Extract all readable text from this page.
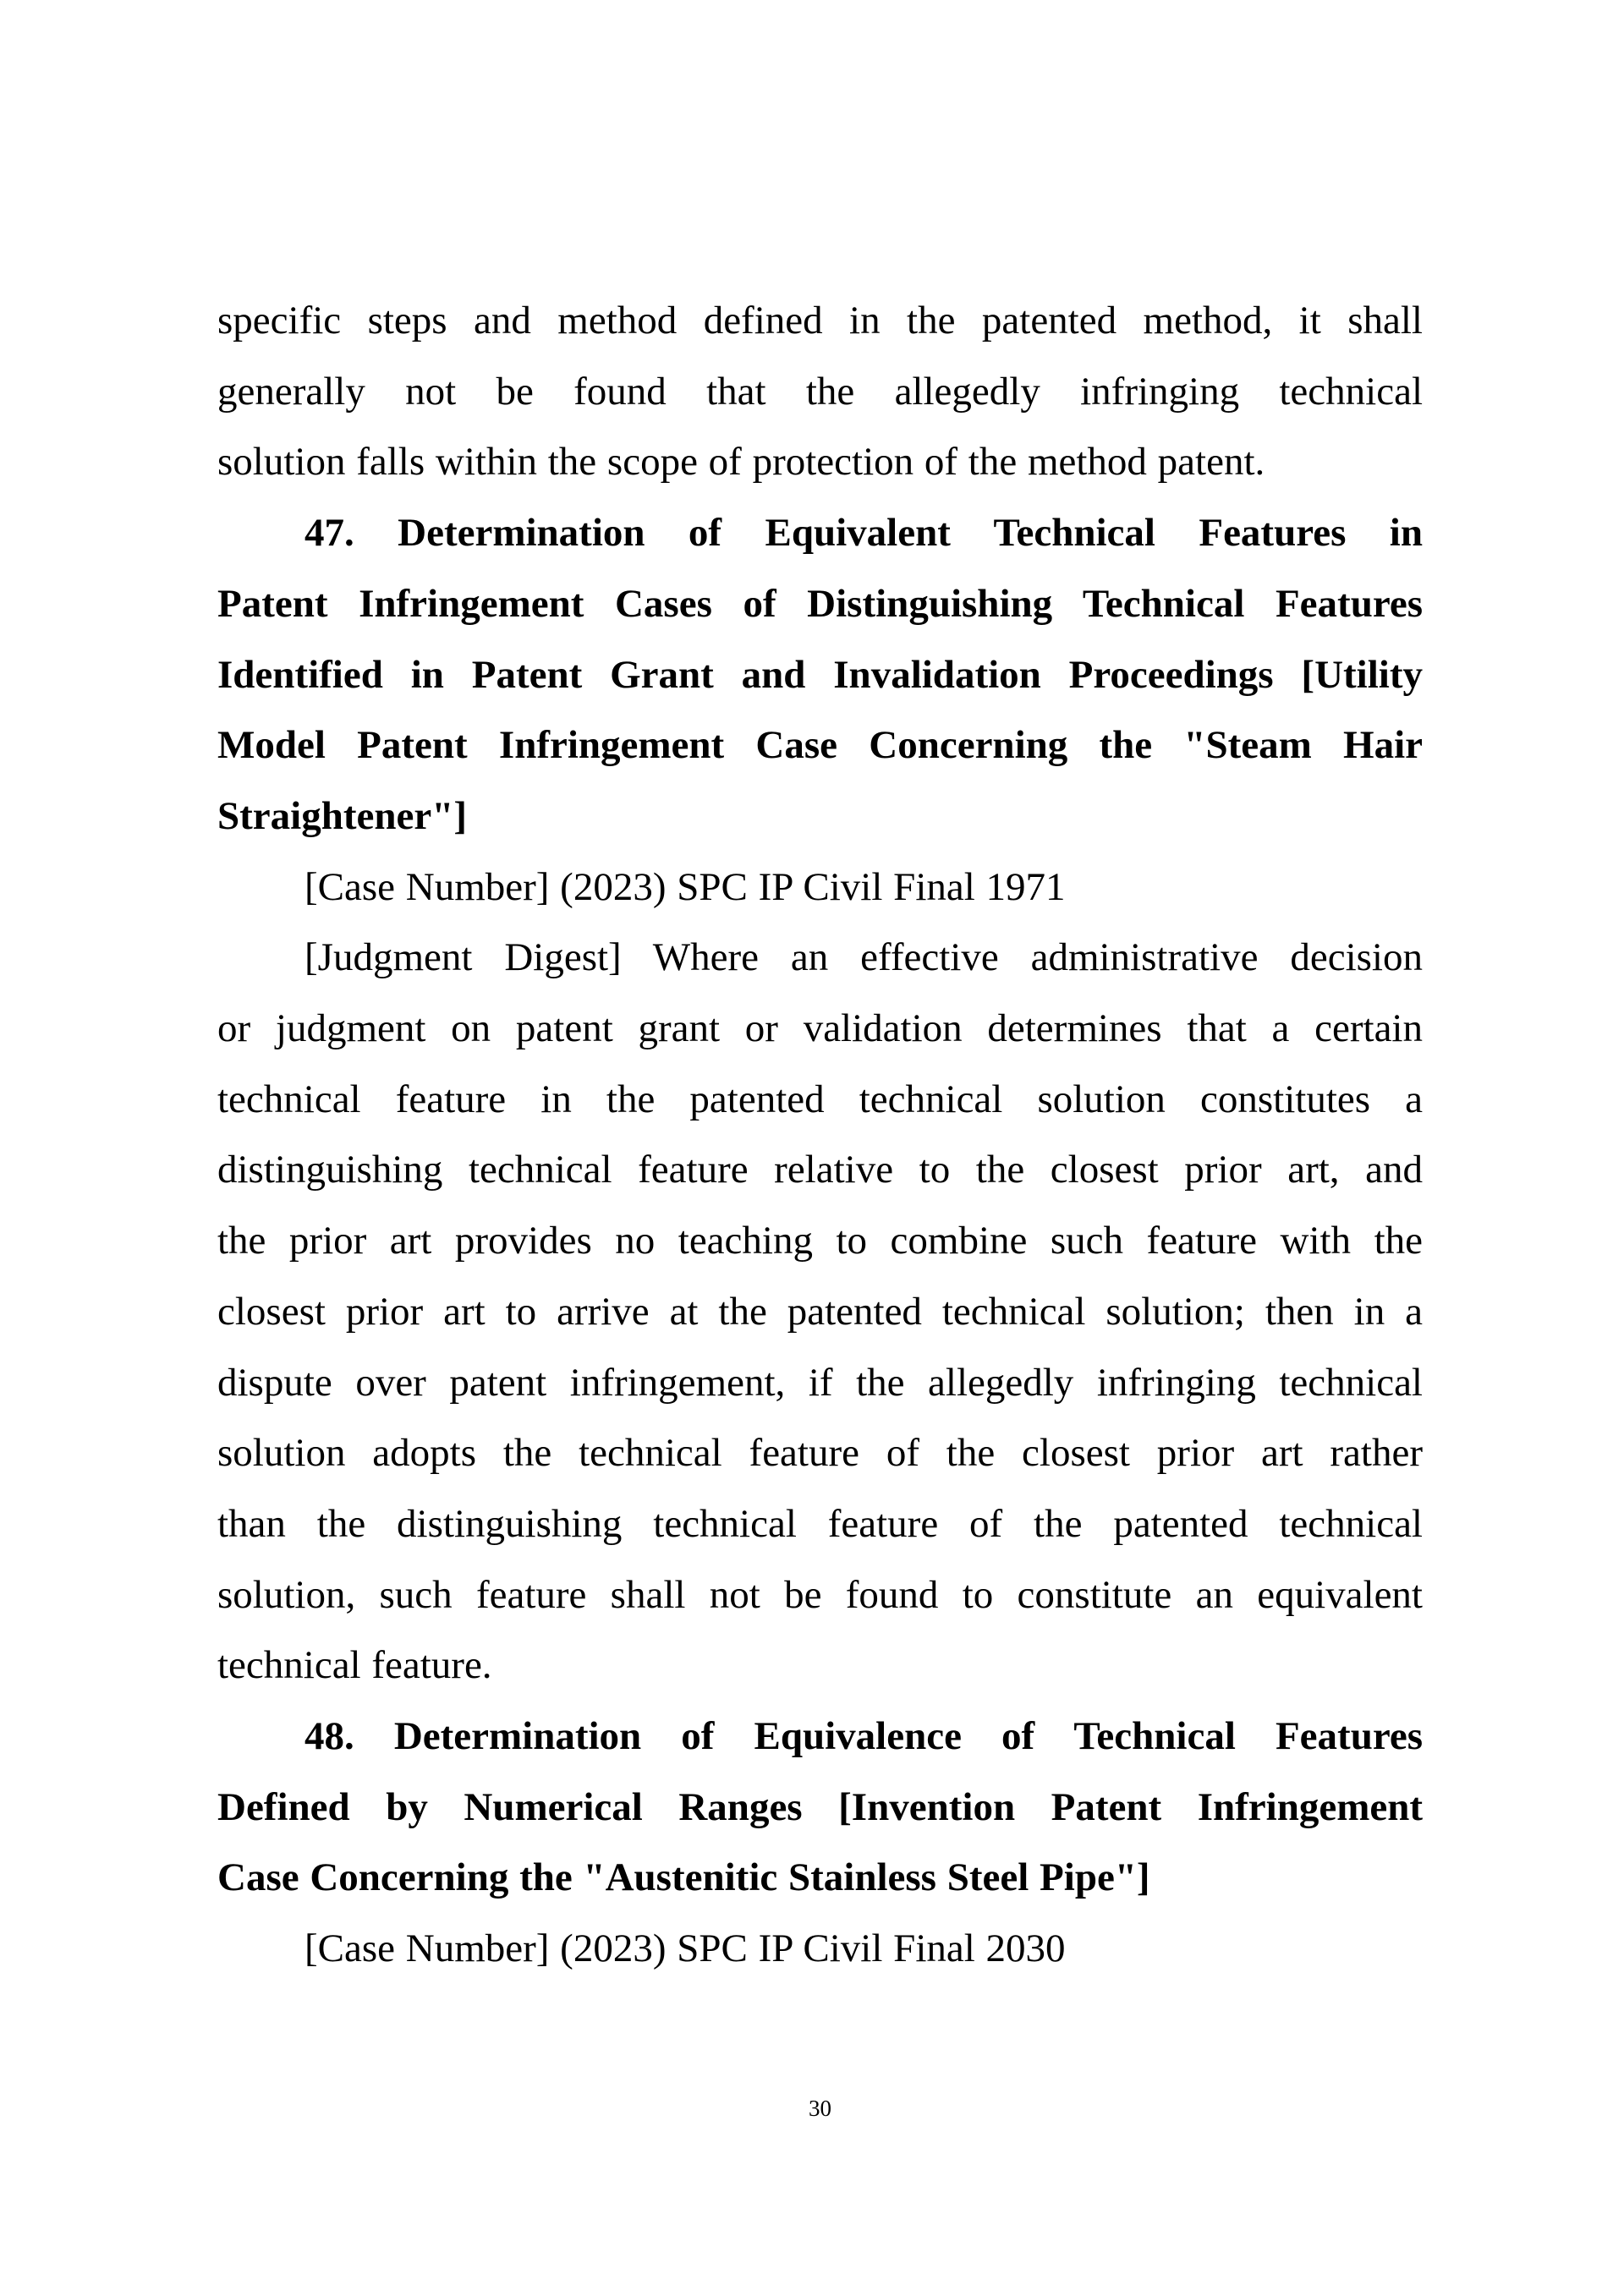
specific steps and method defined in the patented method, it shall
generally not be found that the allegedly infringing technical
solution falls within the scope of protection of the method patent.
47. Determination of Equivalent Technical Features in
Patent Infringement Cases of Distinguishing Technical Features
Identified in Patent Grant and Invalidation Proceedings [Utility
Model Patent Infringement Case Concerning the "Steam Hair
Straightener"]
[Case Number] (2023) SPC IP Civil Final 1971
[Judgment Digest] Where an effective administrative decision
or judgment on patent grant or validation determines that a certain
technical feature in the patented technical solution constitutes a
distinguishing technical feature relative to the closest prior art, and
the prior art provides no teaching to combine such feature with the
closest prior art to arrive at the patented technical solution; then in a
dispute over patent infringement, if the allegedly infringing technical
solution adopts the technical feature of the closest prior art rather
than the distinguishing technical feature of the patented technical
solution, such feature shall not be found to constitute an equivalent
technical feature.
48. Determination of Equivalence of Technical Features
Defined by Numerical Ranges [Invention Patent Infringement
Case Concerning the "Austenitic Stainless Steel Pipe"]
[Case Number] (2023) SPC IP Civil Final 2030
30
